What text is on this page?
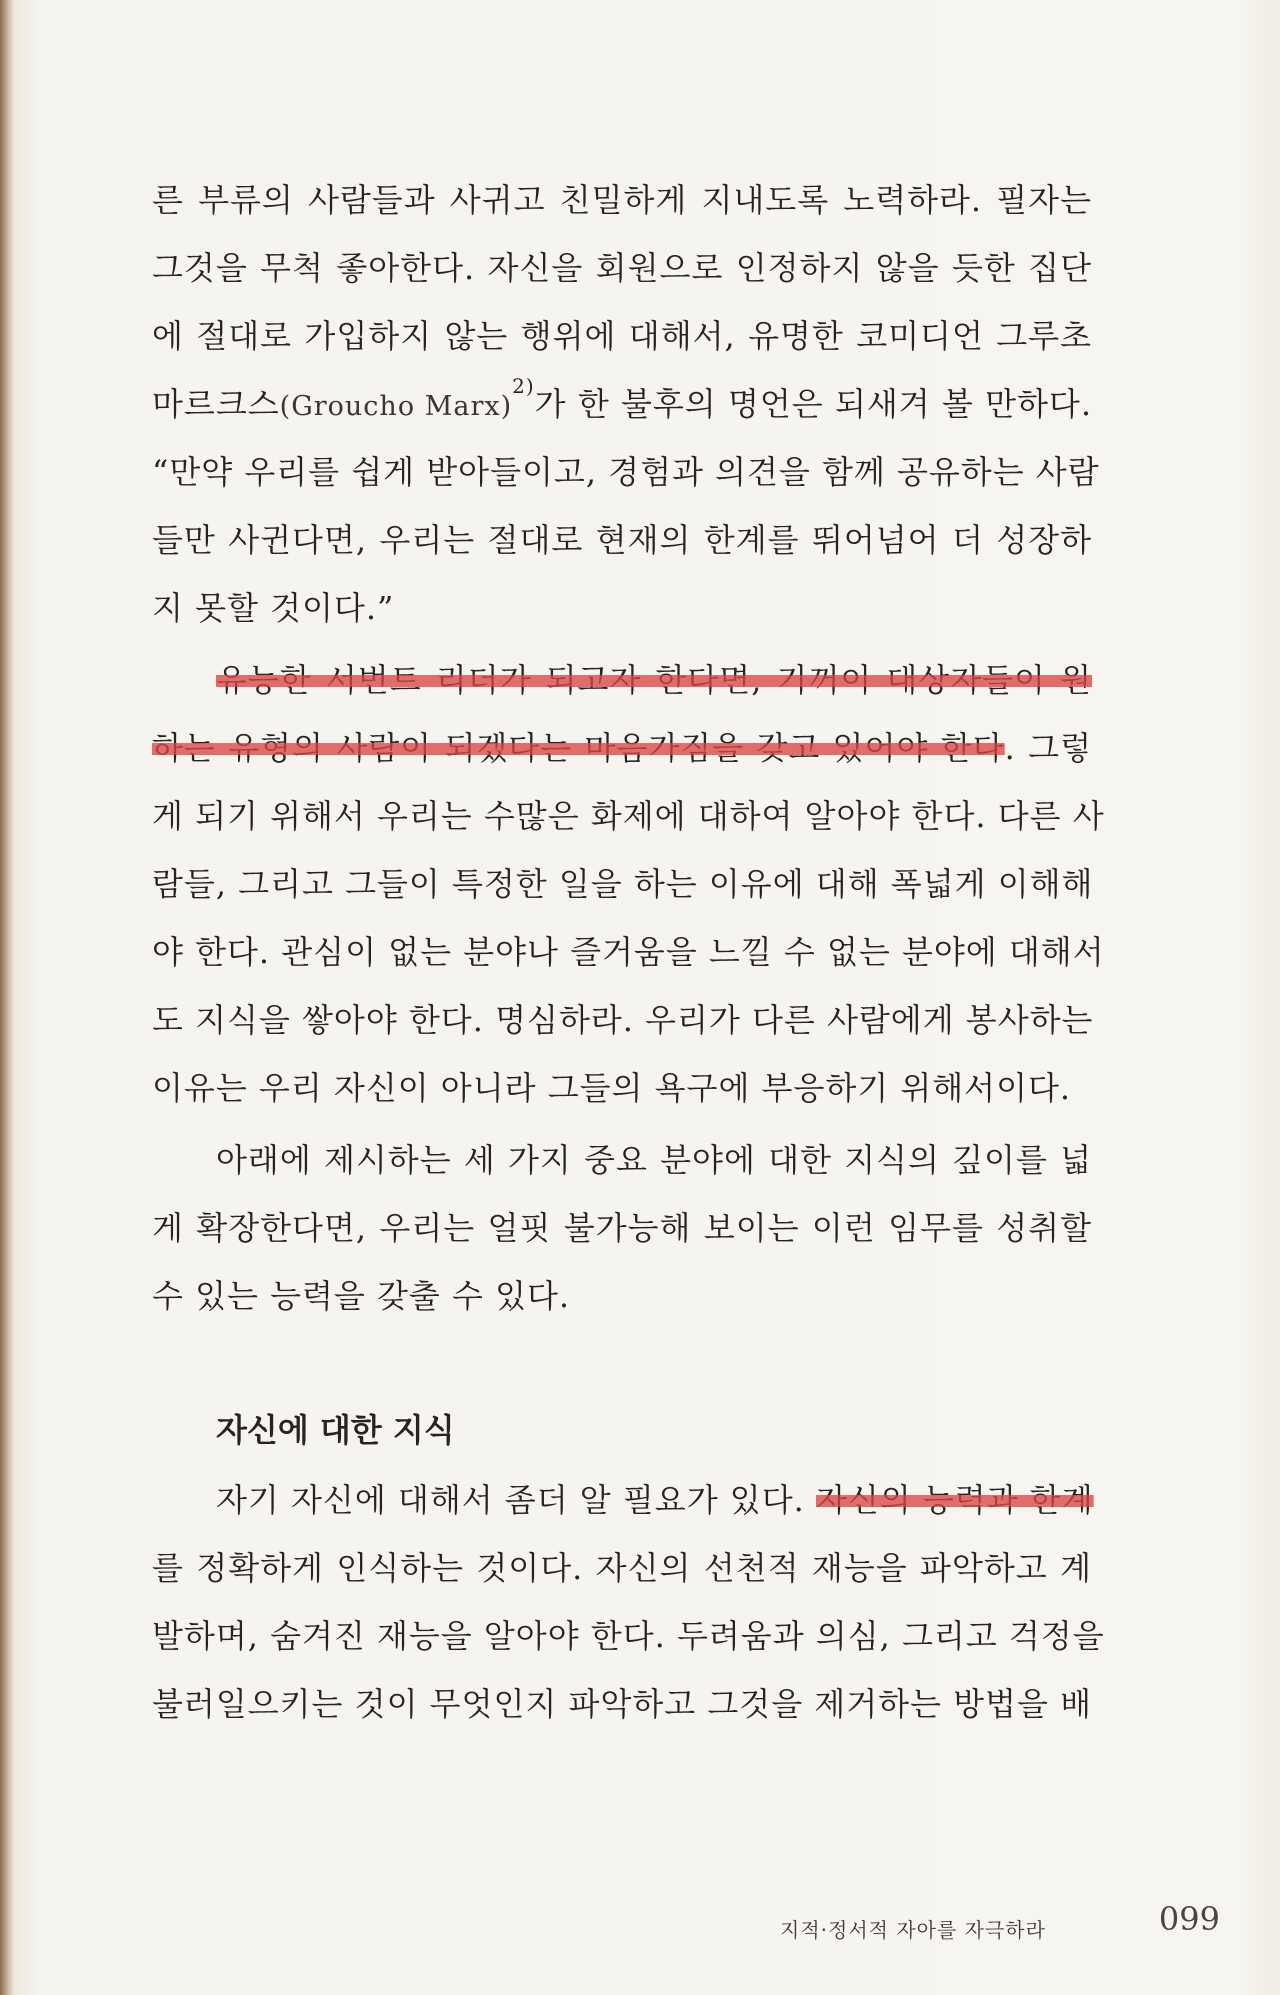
른 부류의 사람들과 사귀고 친밀하게 지내도록 노력하라. 필자는
그것을 무척 좋아한다. 자신을 회원으로 인정하지 않을 듯한 집단
에 절대로 가입하지 않는 행위에 대해서, 유명한 코미디언 그루초
마르크스(Groucho Marx)$^{2)}$가 한 불후의 명언은 되새겨 볼 만하다.
“만약 우리를 쉽게 받아들이고, 경험과 의견을 함께 공유하는 사람
들만 사귄다면, 우리는 절대로 현재의 한계를 뛰어넘어 더 성장하
지 못할 것이다.”
유능한 서번트 리더가 되고자 한다면, 기꺼이 대상자들이 원
하는 유형의 사람이 되겠다는 마음가짐을 갖고 있어야 한다. 그렇
게 되기 위해서 우리는 수많은 화제에 대하여 알아야 한다. 다른 사
람들, 그리고 그들이 특정한 일을 하는 이유에 대해 폭넓게 이해해
야 한다. 관심이 없는 분야나 즐거움을 느낄 수 없는 분야에 대해서
도 지식을 쌓아야 한다. 명심하라. 우리가 다른 사람에게 봉사하는
이유는 우리 자신이 아니라 그들의 욕구에 부응하기 위해서이다.
아래에 제시하는 세 가지 중요 분야에 대한 지식의 깊이를 넓
게 확장한다면, 우리는 얼핏 불가능해 보이는 이런 임무를 성취할
수 있는 능력을 갖출 수 있다.
자신에 대한 지식
자기 자신에 대해서 좀더 알 필요가 있다. 자신의 능력과 한계
를 정확하게 인식하는 것이다. 자신의 선천적 재능을 파악하고 계
발하며, 숨겨진 재능을 알아야 한다. 두려움과 의심, 그리고 걱정을
불러일으키는 것이 무엇인지 파악하고 그것을 제거하는 방법을 배
지적·정서적 자아를 자극하라	099
